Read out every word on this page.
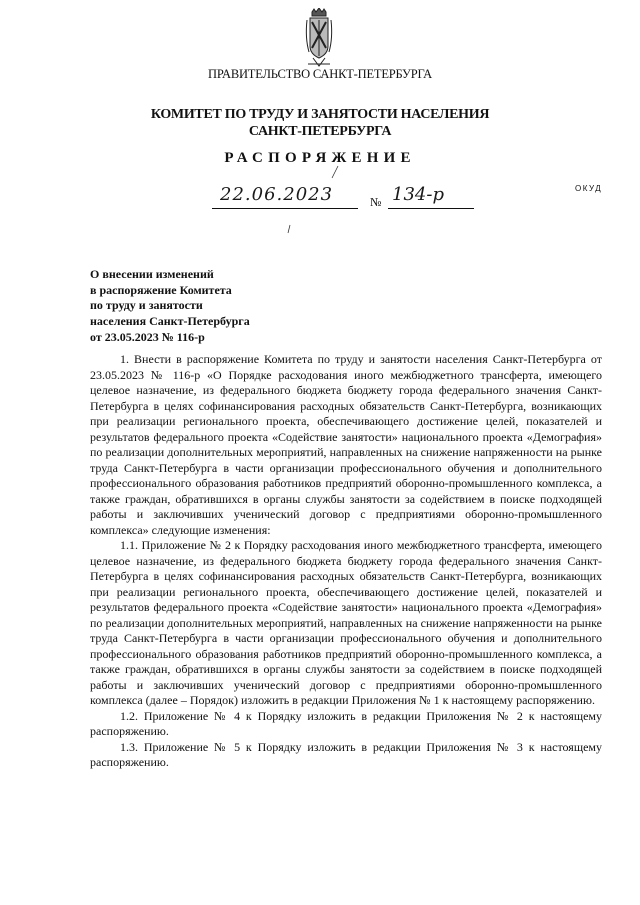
ПРАВИТЕЛЬСТВО САНКТ-ПЕТЕРБУРГА
КОМИТЕТ ПО ТРУДУ И ЗАНЯТОСТИ НАСЕЛЕНИЯ
САНКТ-ПЕТЕРБУРГА
РАСПОРЯЖЕНИЕ
ОКУД
22.06.2023	№ 134-р
О внесении изменений
в распоряжение Комитета
по труду и занятости
населения Санкт-Петербурга
от 23.05.2023 № 116-р

1. Внести в распоряжение Комитета по труду и занятости населения Санкт-Петербурга от 23.05.2023 № 116-р «О Порядке расходования иного межбюджетного трансферта, имеющего целевое назначение, из федерального бюджета бюджету города федерального значения Санкт-Петербурга в целях софинансирования расходных обязательств Санкт-Петербурга, возникающих при реализации регионального проекта, обеспечивающего достижение целей, показателей и результатов федерального проекта «Содействие занятости» национального проекта «Демография» по реализации дополнительных мероприятий, направленных на снижение напряженности на рынке труда Санкт-Петербурга в части организации профессионального обучения и дополнительного профессионального образования работников предприятий оборонно-промышленного комплекса, а также граждан, обратившихся в органы службы занятости за содействием в поиске подходящей работы и заключивших ученический договор с предприятиями оборонно-промышленного комплекса» следующие изменения:

1.1. Приложение № 2 к Порядку расходования иного межбюджетного трансферта, имеющего целевое назначение, из федерального бюджета бюджету города федерального значения Санкт-Петербурга в целях софинансирования расходных обязательств Санкт-Петербурга, возникающих при реализации регионального проекта, обеспечивающего достижение целей, показателей и результатов федерального проекта «Содействие занятости» национального проекта «Демография» по реализации дополнительных мероприятий, направленных на снижение напряженности на рынке труда Санкт-Петербурга в части организации профессионального обучения и дополнительного профессионального образования работников предприятий оборонно-промышленного комплекса, а также граждан, обратившихся в органы службы занятости за содействием в поиске подходящей работы и заключивших ученический договор с предприятиями оборонно-промышленного комплекса (далее – Порядок) изложить в редакции Приложения № 1 к настоящему распоряжению.

1.2. Приложение № 4 к Порядку изложить в редакции Приложения № 2 к настоящему распоряжению.

1.3. Приложение № 5 к Порядку изложить в редакции Приложения № 3 к настоящему распоряжению.
